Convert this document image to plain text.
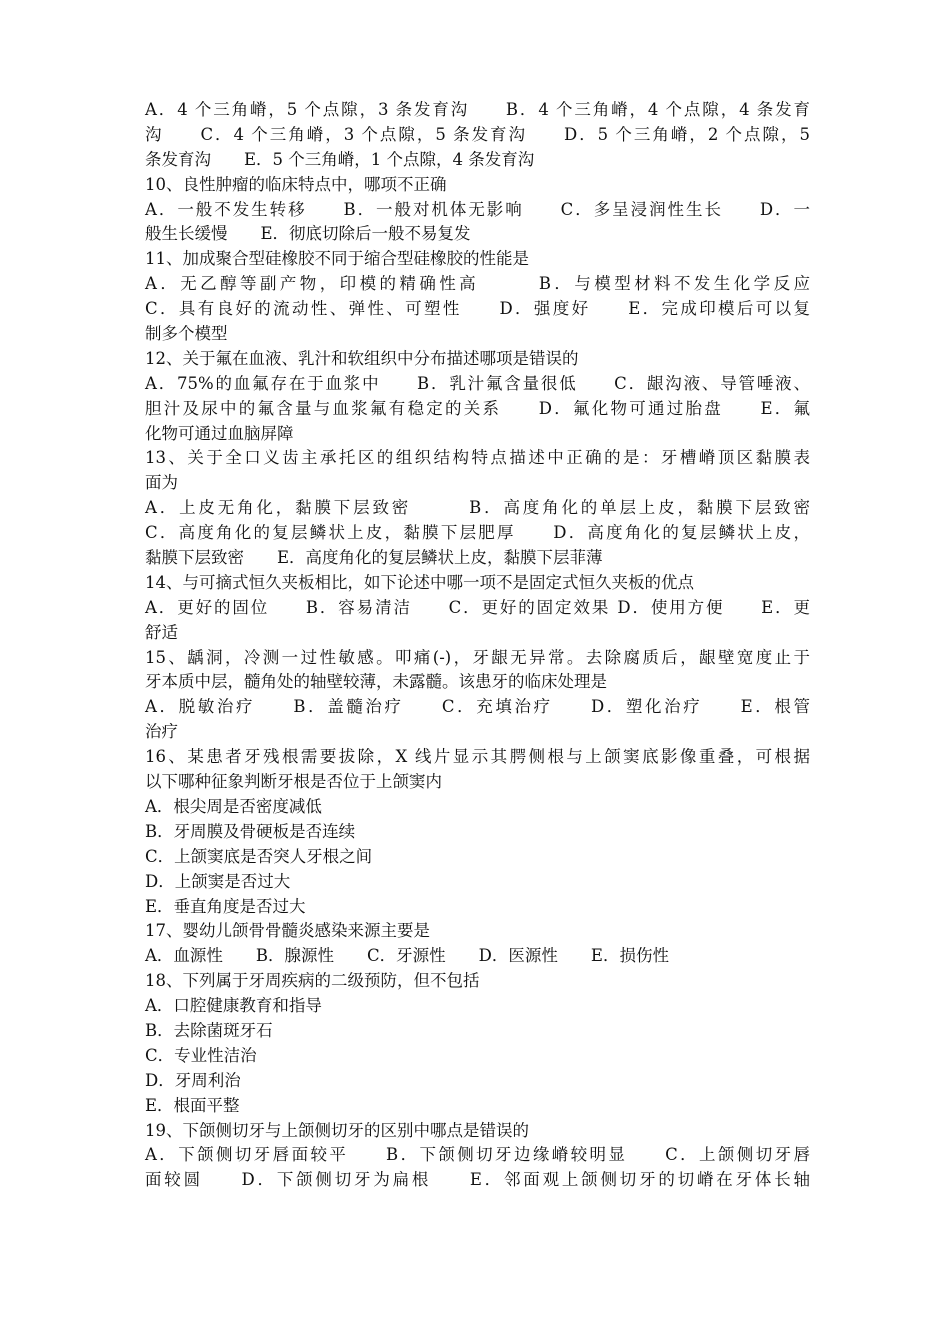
A．4 个三角嵴，5 个点隙，3 条发育沟　　B．4 个三角嵴，4 个点隙，4 条发育
沟　　C．4 个三角嵴，3 个点隙，5 条发育沟　　D．5 个三角嵴，2 个点隙，5
条发育沟　　E．5 个三角嵴，1 个点隙，4 条发育沟
10、良性肿瘤的临床特点中，哪项不正确
A．一般不发生转移　　B．一般对机体无影响　　C．多呈浸润性生长　　D．一
般生长缓慢　　E．彻底切除后一般不易复发
11、加成聚合型硅橡胶不同于缩合型硅橡胶的性能是
A．无乙醇等副产物，印模的精确性高　　　B．与模型材料不发生化学反应
C．具有良好的流动性、弹性、可塑性　　D．强度好　　E．完成印模后可以复
制多个模型
12、关于氟在血液、乳汁和软组织中分布描述哪项是错误的
A．75%的血氟存在于血浆中　　B．乳汁氟含量很低　　C．龈沟液、导管唾液、
胆汁及尿中的氟含量与血浆氟有稳定的关系　　D．氟化物可通过胎盘　　E．氟
化物可通过血脑屏障
13、关于全口义齿主承托区的组织结构特点描述中正确的是：牙槽嵴顶区黏膜表
面为
A．上皮无角化，黏膜下层致密　　　B．高度角化的单层上皮，黏膜下层致密
C．高度角化的复层鳞状上皮，黏膜下层肥厚　　D．高度角化的复层鳞状上皮，
黏膜下层致密　　E．高度角化的复层鳞状上皮，黏膜下层菲薄
14、与可摘式恒久夹板相比，如下论述中哪一项不是固定式恒久夹板的优点
A．更好的固位　　B．容易清洁　　C．更好的固定效果 D．使用方便　　E．更
舒适
15、龋洞，冷测一过性敏感。叩痛(-)，牙龈无异常。去除腐质后，龈壁宽度止于
牙本质中层，髓角处的轴壁较薄，未露髓。该患牙的临床处理是
A．脱敏治疗　　B．盖髓治疗　　C．充填治疗　　D．塑化治疗　　E．根管
治疗
16、某患者牙残根需要拔除，X 线片显示其腭侧根与上颌窦底影像重叠，可根据
以下哪种征象判断牙根是否位于上颌窦内
A．根尖周是否密度减低
B．牙周膜及骨硬板是否连续
C．上颌窦底是否突人牙根之间
D．上颌窦是否过大
E．垂直角度是否过大
17、婴幼儿颌骨骨髓炎感染来源主要是
A．血源性　　B．腺源性　　C．牙源性　　D．医源性　　E．损伤性
18、下列属于牙周疾病的二级预防，但不包括
A．口腔健康教育和指导
B．去除菌斑牙石
C．专业性洁治
D．牙周利治
E．根面平整
19、下颌侧切牙与上颌侧切牙的区别中哪点是错误的
A．下颌侧切牙唇面较平　　B．下颌侧切牙边缘嵴较明显　　C．上颌侧切牙唇
面较圆　　D．下颌侧切牙为扁根　　E．邻面观上颌侧切牙的切嵴在牙体长轴
